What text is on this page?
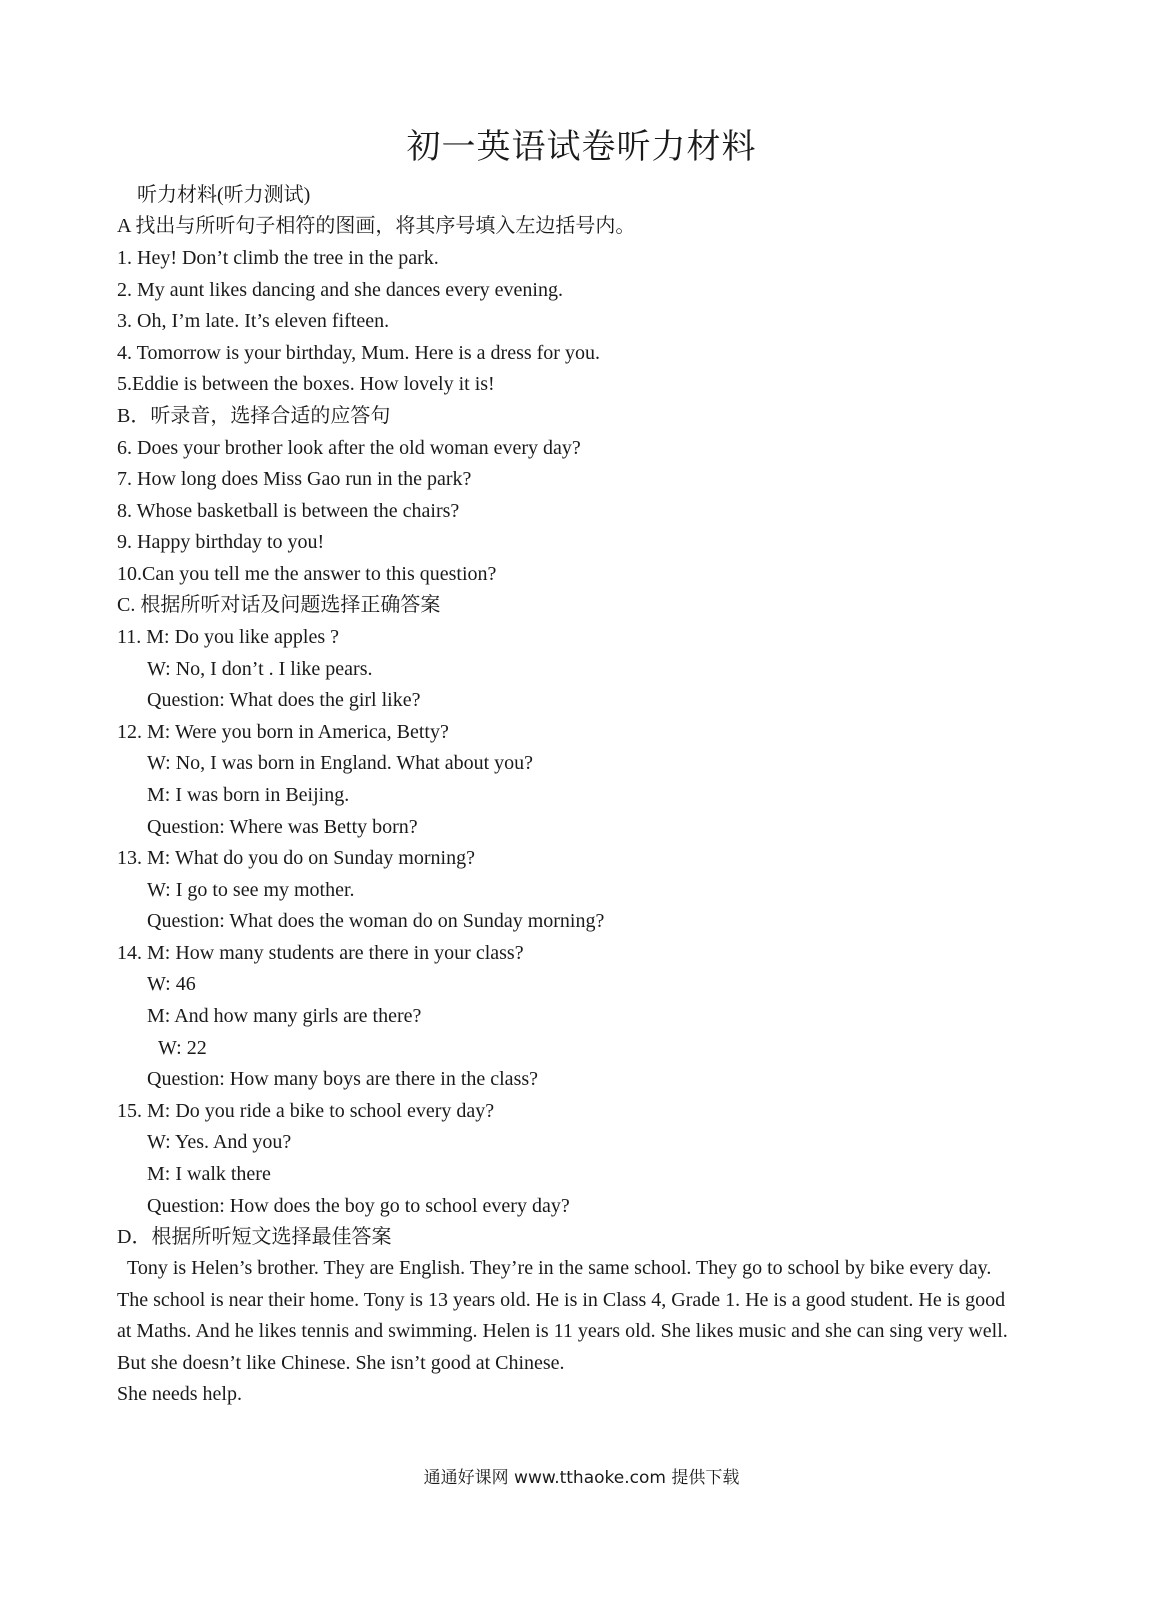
初一英语试卷听力材料
听力材料(听力测试)
A 找出与所听句子相符的图画，将其序号填入左边括号内。
1. Hey! Don’t climb the tree in the park.
2. My aunt likes dancing and she dances every evening.
3. Oh, I’m late. It’s eleven fifteen.
4. Tomorrow is your birthday, Mum. Here is a dress for you.
5.Eddie is between the boxes. How lovely it is!
B．听录音，选择合适的应答句
6. Does your brother look after the old woman every day?
7. How long does Miss Gao run in the park?
8. Whose basketball is between the chairs?
9. Happy birthday to you!
10.Can you tell me the answer to this question?
C. 根据所听对话及问题选择正确答案
11. M: Do you like apples ?
W: No, I don’t . I like pears.
Question: What does the girl like?
12. M: Were you born in America, Betty?
W: No, I was born in England. What about you?
M: I was born in Beijing.
Question: Where was Betty born?
13. M: What do you do on Sunday morning?
W: I go to see my mother.
Question: What does the woman do on Sunday morning?
14. M: How many students are there in your class?
W: 46
M: And how many girls are there?
W: 22
Question: How many boys are there in the class?
15. M: Do you ride a bike to school every day?
W: Yes. And you?
M: I walk there
Question: How does the boy go to school every day?
D．根据所听短文选择最佳答案

Tony is Helen’s brother. They are English. They’re in the same school. They go to school by bike every day. The school is near their home. Tony is 13 years old. He is in Class 4, Grade 1. He is a good student. He is good at Maths. And he likes tennis and swimming. Helen is 11 years old. She likes music and she can sing very well. But she doesn’t like Chinese. She isn’t good at Chinese.

She needs help.

通通好课网 www.tthaoke.com 提供下载
